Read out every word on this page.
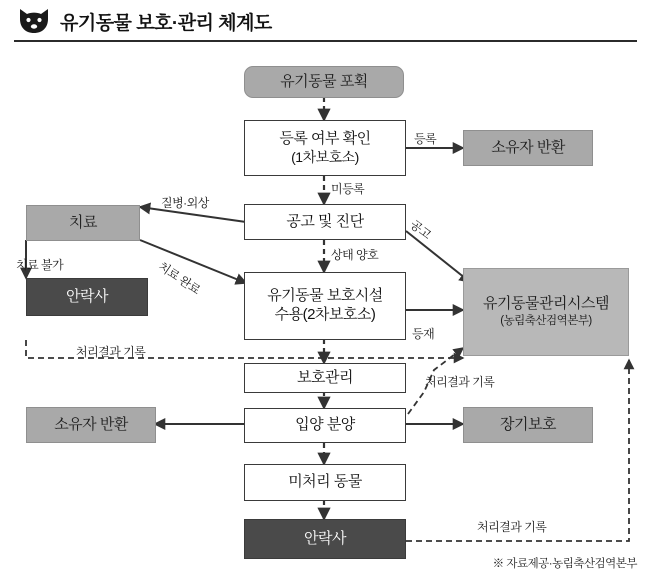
유기동물 보호·관리 체계도
유기동물 포획
등록 여부 확인
(1차보호소)
소유자 반환
치료	공고 및 진단
안락사	유기동물 보호시설
수용(2차보호소)
유기동물관리시스템
(농림축산검역본부)
보호관리
입양 분양
소유자 반환	장기보호
미처리 동물
안락사
등록
미등록
질병·외상
치료 완료
치료 불가
상태 양호
공고
등재
처리결과 기록
처리결과 기록
처리결과 기록
※ 자료제공·농림축산검역본부
